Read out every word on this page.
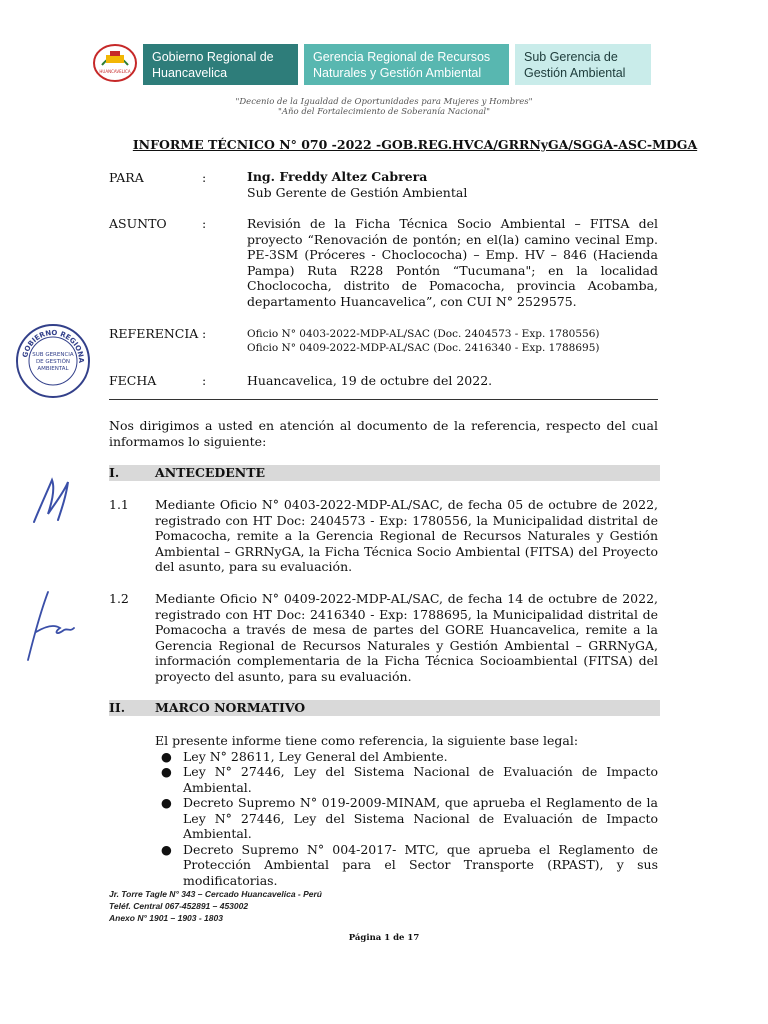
HUANCAVELICA
Gobierno Regional de Huancavelica
Gerencia Regional de Recursos Naturales y Gestión Ambiental
Sub Gerencia de Gestión Ambiental
"Decenio de la Igualdad de Oportunidades para Mujeres y Hombres"
"Año del Fortalecimiento de Soberanía Nacional"
INFORME TÉCNICO N° 070 -2022 -GOB.REG.HVCA/GRRNyGA/SGGA-ASC-MDGA
PARA	:	Ing. Freddy Altez Cabrera
Sub Gerente de Gestión Ambiental
ASUNTO	:	Revisión de la Ficha Técnica Socio Ambiental – FITSA del proyecto “Renovación de pontón; en el(la) camino vecinal Emp. PE-3SM (Próceres - Choclococha) – Emp. HV – 846 (Hacienda Pampa) Ruta R228 Pontón “Tucumana"; en la localidad Choclococha, distrito de Pomacocha, provincia Acobamba, departamento Huancavelica”, con CUI N° 2529575.
REFERENCIA :	Oficio N° 0403-2022-MDP-AL/SAC (Doc. 2404573 - Exp. 1780556)
Oficio N° 0409-2022-MDP-AL/SAC (Doc. 2416340 - Exp. 1788695)
GOBIERNO REGIONA
SUB GERENCIA
DE GESTIÓN
AMBIENTAL
FECHA	:	Huancavelica, 19 de octubre del 2022.
Nos dirigimos a usted en atención al documento de la referencia, respecto del cual informamos lo siguiente:
I.	ANTECEDENTE
1.1 Mediante Oficio N° 0403-2022-MDP-AL/SAC, de fecha 05 de octubre de 2022, registrado con HT Doc: 2404573 - Exp: 1780556, la Municipalidad distrital de Pomacocha, remite a la Gerencia Regional de Recursos Naturales y Gestión Ambiental – GRRNyGA, la Ficha Técnica Socio Ambiental (FITSA) del Proyecto del asunto, para su evaluación.
1.2 Mediante Oficio N° 0409-2022-MDP-AL/SAC, de fecha 14 de octubre de 2022, registrado con HT Doc: 2416340 - Exp: 1788695, la Municipalidad distrital de Pomacocha a través de mesa de partes del GORE Huancavelica, remite a la Gerencia Regional de Recursos Naturales y Gestión Ambiental – GRRNyGA, información complementaria de la Ficha Técnica Socioambiental (FITSA) del proyecto del asunto, para su evaluación.
II. MARCO NORMATIVO
El presente informe tiene como referencia, la siguiente base legal:
● Ley N° 28611, Ley General del Ambiente.
● Ley N° 27446, Ley del Sistema Nacional de Evaluación de Impacto Ambiental.
● Decreto Supremo N° 019-2009-MINAM, que aprueba el Reglamento de la Ley N° 27446, Ley del Sistema Nacional de Evaluación de Impacto Ambiental.
● Decreto Supremo N° 004-2017- MTC, que aprueba el Reglamento de Protección Ambiental para el Sector Transporte (RPAST), y sus modificatorias.
Jr. Torre Tagle N° 343 – Cercado Huancavelica - Perú
Teléf. Central 067-452891 – 453002
Anexo N° 1901 – 1903 - 1803
Página 1 de 17
